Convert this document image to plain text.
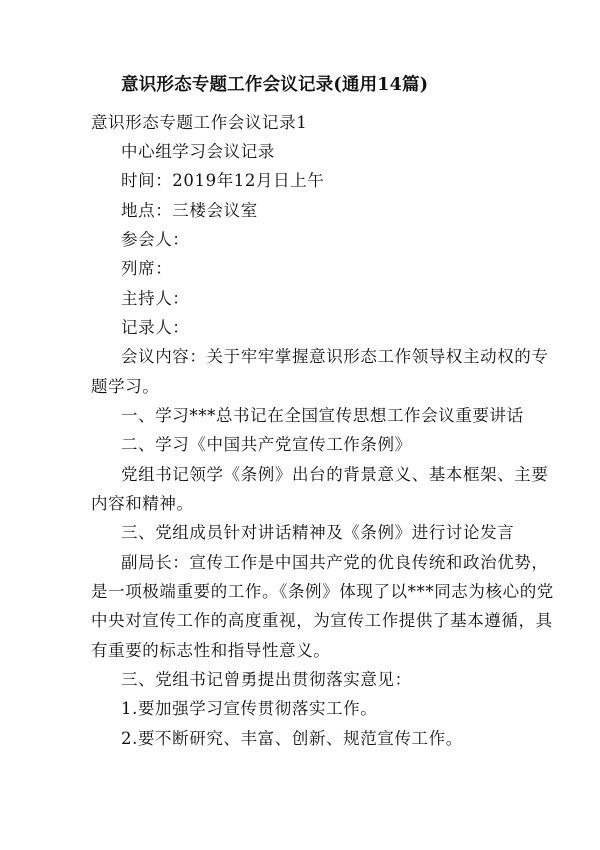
意识形态专题工作会议记录(通用14篇)
意识形态专题工作会议记录1
中心组学习会议记录
时间：2019年12月日上午
地点：三楼会议室
参会人：
列席：
主持人：
记录人：
会议内容：关于牢牢掌握意识形态工作领导权主动权的专
题学习。
一、学习***总书记在全国宣传思想工作会议重要讲话
二、学习《中国共产党宣传工作条例》
党组书记领学《条例》出台的背景意义、基本框架、主要
内容和精神。
三、党组成员针对讲话精神及《条例》进行讨论发言
副局长：宣传工作是中国共产党的优良传统和政治优势，
是一项极端重要的工作。《条例》体现了以***同志为核心的党
中央对宣传工作的高度重视，为宣传工作提供了基本遵循，具
有重要的标志性和指导性意义。
三、党组书记曾勇提出贯彻落实意见：
1.要加强学习宣传贯彻落实工作。
2.要不断研究、丰富、创新、规范宣传工作。
